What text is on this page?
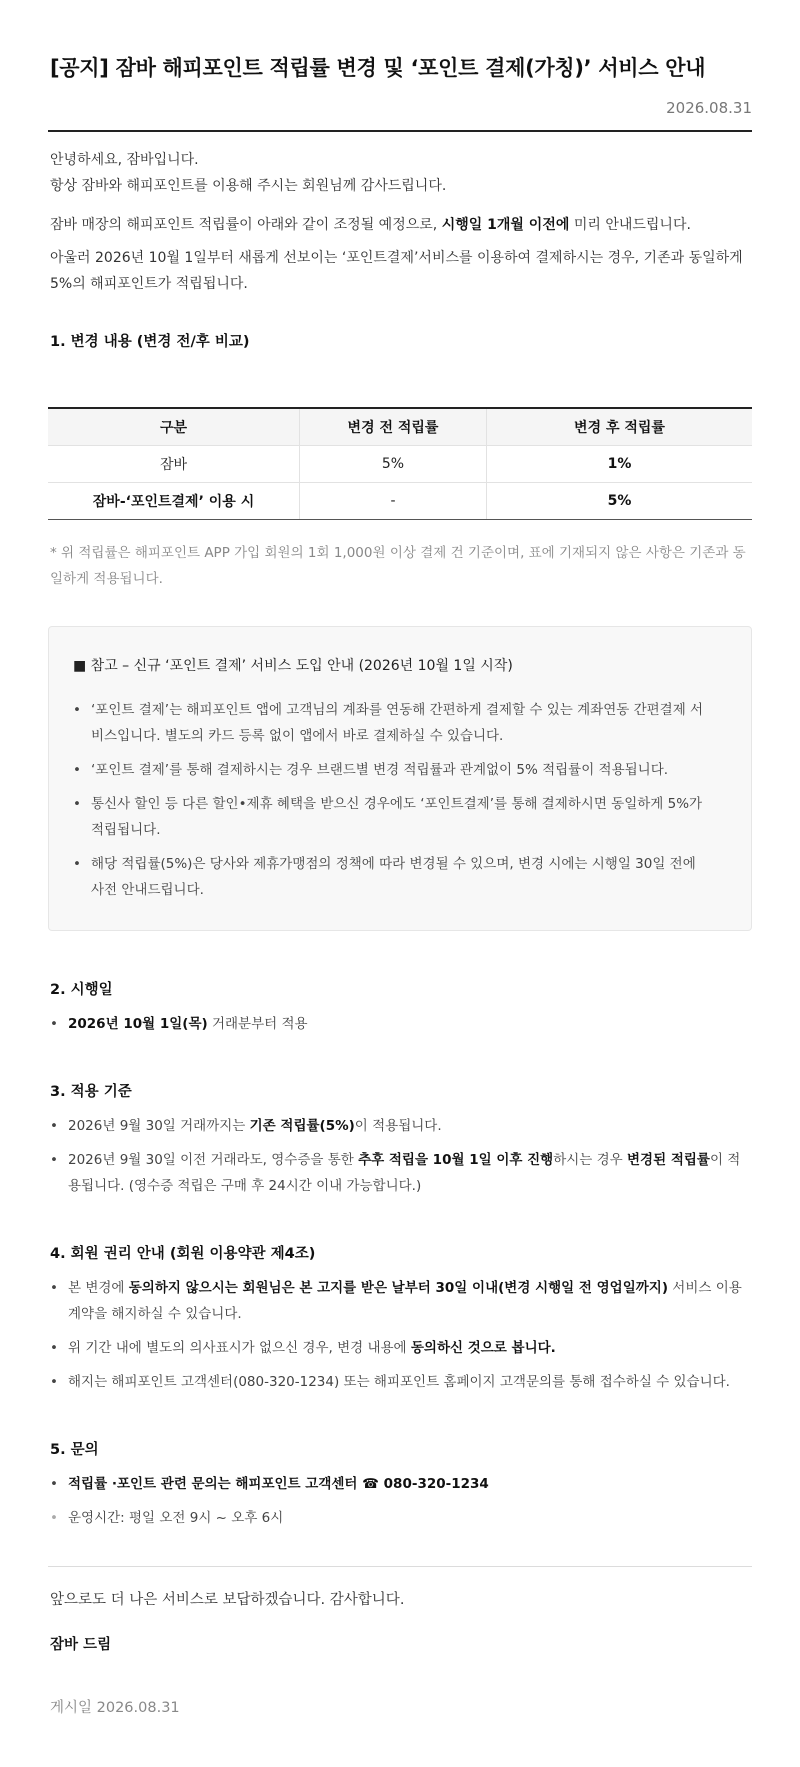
[공지] 잠바 해피포인트 적립률 변경 및 ‘포인트 결제(가칭)’ 서비스 안내
2026.08.31

안녕하세요, 잠바입니다.

항상 잠바와 해피포인트를 이용해 주시는 회원님께 감사드립니다.

잠바 매장의 해피포인트 적립률이 아래와 같이 조정될 예정으로, 시행일 1개월 이전에 미리 안내드립니다.

아울러 2026년 10월 1일부터 새롭게 선보이는 ‘포인트결제’서비스를 이용하여 결제하시는 경우, 기존과 동일하게 5%의 해피포인트가 적립됩니다.

1. 변경 내용 (변경 전/후 비교)
구분	변경 전 적립률	변경 후 적립률
잠바	5%	1%
잠바-‘포인트결제’ 이용 시	-	5%

* 위 적립률은 해피포인트 APP 가입 회원의 1회 1,000원 이상 결제 건 기준이며, 표에 기재되지 않은 사항은 기존과 동일하게 적용됩니다.

■ 참고 – 신규 ‘포인트 결제’ 서비스 도입 안내 (2026년 10월 1일 시작)
• ‘포인트 결제’는 해피포인트 앱에 고객님의 계좌를 연동해 간편하게 결제할 수 있는 계좌연동 간편결제 서비스입니다. 별도의 카드 등록 없이 앱에서 바로 결제하실 수 있습니다.
• ‘포인트 결제’를 통해 결제하시는 경우 브랜드별 변경 적립률과 관계없이 5% 적립률이 적용됩니다.
• 통신사 할인 등 다른 할인•제휴 혜택을 받으신 경우에도 ‘포인트결제’를 통해 결제하시면 동일하게 5%가 적립됩니다.
• 해당 적립률(5%)은 당사와 제휴가맹점의 정책에 따라 변경될 수 있으며, 변경 시에는 시행일 30일 전에 사전 안내드립니다.
2. 시행일
• 2026년 10월 1일(목) 거래분부터 적용
3. 적용 기준
• 2026년 9월 30일 거래까지는 기존 적립률(5%)이 적용됩니다.
• 2026년 9월 30일 이전 거래라도, 영수증을 통한 추후 적립을 10월 1일 이후 진행하시는 경우 변경된 적립률이 적용됩니다. (영수증 적립은 구매 후 24시간 이내 가능합니다.)
4. 회원 권리 안내 (회원 이용약관 제4조)
• 본 변경에 동의하지 않으시는 회원님은 본 고지를 받은 날부터 30일 이내(변경 시행일 전 영업일까지) 서비스 이용계약을 해지하실 수 있습니다.
• 위 기간 내에 별도의 의사표시가 없으신 경우, 변경 내용에 동의하신 것으로 봅니다.
• 해지는 해피포인트 고객센터(080-320-1234) 또는 해피포인트 홈페이지 고객문의를 통해 접수하실 수 있습니다.
5. 문의
• 적립률 ·포인트 관련 문의는 해피포인트 고객센터 ☎ 080-320-1234
• 운영시간: 평일 오전 9시 ~ 오후 6시

앞으로도 더 나은 서비스로 보답하겠습니다. 감사합니다.

잠바 드림

게시일 2026.08.31
